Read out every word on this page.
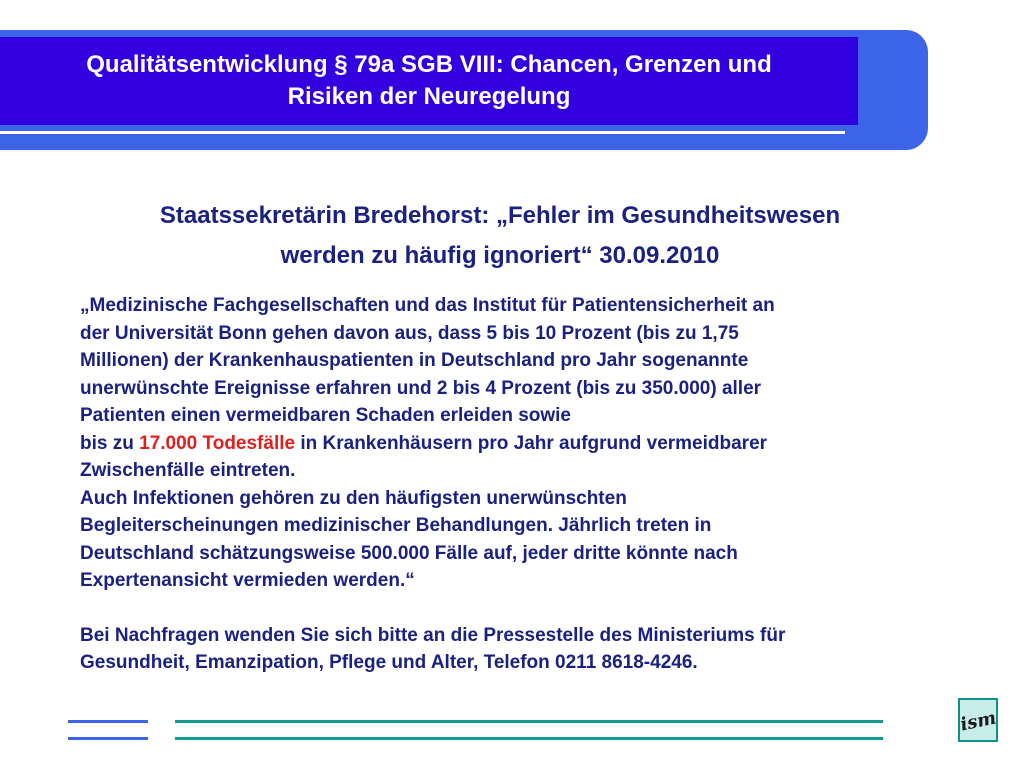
Qualitätsentwicklung § 79a SGB VIII: Chancen, Grenzen und
Risiken der Neuregelung
Staatssekretärin Bredehorst: „Fehler im Gesundheitswesen
werden zu häufig ignoriert“ 30.09.2010

„Medizinische Fachgesellschaften und das Institut für Patientensicherheit an

der Universität Bonn gehen davon aus, dass 5 bis 10 Prozent (bis zu 1,75

Millionen) der Krankenhauspatienten in Deutschland pro Jahr sogenannte

unerwünschte Ereignisse erfahren und 2 bis 4 Prozent (bis zu 350.000) aller

Patienten einen vermeidbaren Schaden erleiden sowie

bis zu 17.000 Todesfälle in Krankenhäusern pro Jahr aufgrund vermeidbarer

Zwischenfälle eintreten.

Auch Infektionen gehören zu den häufigsten unerwünschten

Begleiterscheinungen medizinischer Behandlungen. Jährlich treten in

Deutschland schätzungsweise 500.000 Fälle auf, jeder dritte könnte nach

Expertenansicht vermieden werden.“

Bei Nachfragen wenden Sie sich bitte an die Pressestelle des Ministeriums für

Gesundheit, Emanzipation, Pflege und Alter, Telefon 0211 8618-4246.

ism
